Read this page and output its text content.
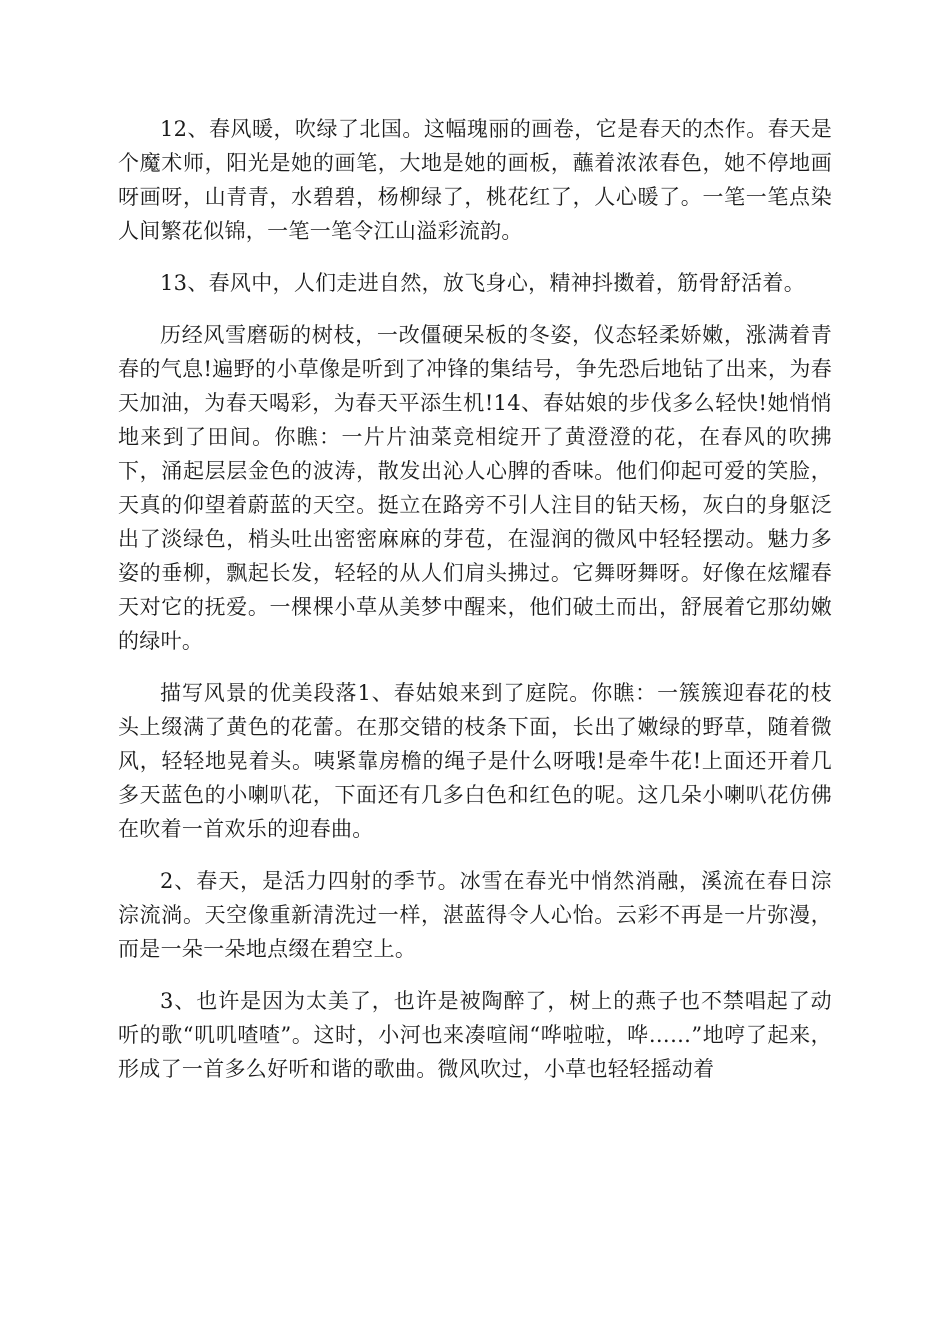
12、春风暖，吹绿了北国。这幅瑰丽的画卷，它是春天的杰作。春天是个魔术师，阳光是她的画笔，大地是她的画板，蘸着浓浓春色，她不停地画呀画呀，山青青，水碧碧，杨柳绿了，桃花红了，人心暖了。一笔一笔点染人间繁花似锦，一笔一笔令江山溢彩流韵。

13、春风中，人们走进自然，放飞身心，精神抖擞着，筋骨舒活着。

历经风雪磨砺的树枝，一改僵硬呆板的冬姿，仪态轻柔娇嫩，涨满着青春的气息!遍野的小草像是听到了冲锋的集结号，争先恐后地钻了出来，为春天加油，为春天喝彩，为春天平添生机!14、春姑娘的步伐多么轻快!她悄悄地来到了田间。你瞧：一片片油菜竞相绽开了黄澄澄的花，在春风的吹拂下，涌起层层金色的波涛，散发出沁人心脾的香味。他们仰起可爱的笑脸，天真的仰望着蔚蓝的天空。挺立在路旁不引人注目的钻天杨，灰白的身躯泛出了淡绿色，梢头吐出密密麻麻的芽苞，在湿润的微风中轻轻摆动。魅力多姿的垂柳，飘起长发，轻轻的从人们肩头拂过。它舞呀舞呀。好像在炫耀春天对它的抚爱。一棵棵小草从美梦中醒来，他们破土而出，舒展着它那幼嫩的绿叶。

描写风景的优美段落1、春姑娘来到了庭院。你瞧：一簇簇迎春花的枝头上缀满了黄色的花蕾。在那交错的枝条下面，长出了嫩绿的野草，随着微风，轻轻地晃着头。咦紧靠房檐的绳子是什么呀哦!是牵牛花!上面还开着几多天蓝色的小喇叭花，下面还有几多白色和红色的呢。这几朵小喇叭花仿佛在吹着一首欢乐的迎春曲。

2、春天，是活力四射的季节。冰雪在春光中悄然消融，溪流在春日淙淙流淌。天空像重新清洗过一样，湛蓝得令人心怡。云彩不再是一片弥漫，而是一朵一朵地点缀在碧空上。

3、也许是因为太美了，也许是被陶醉了，树上的燕子也不禁唱起了动听的歌“叽叽喳喳”。这时，小河也来凑喧闹“哗啦啦，哗……”地哼了起来，形成了一首多么好听和谐的歌曲。微风吹过，小草也轻轻摇动着
